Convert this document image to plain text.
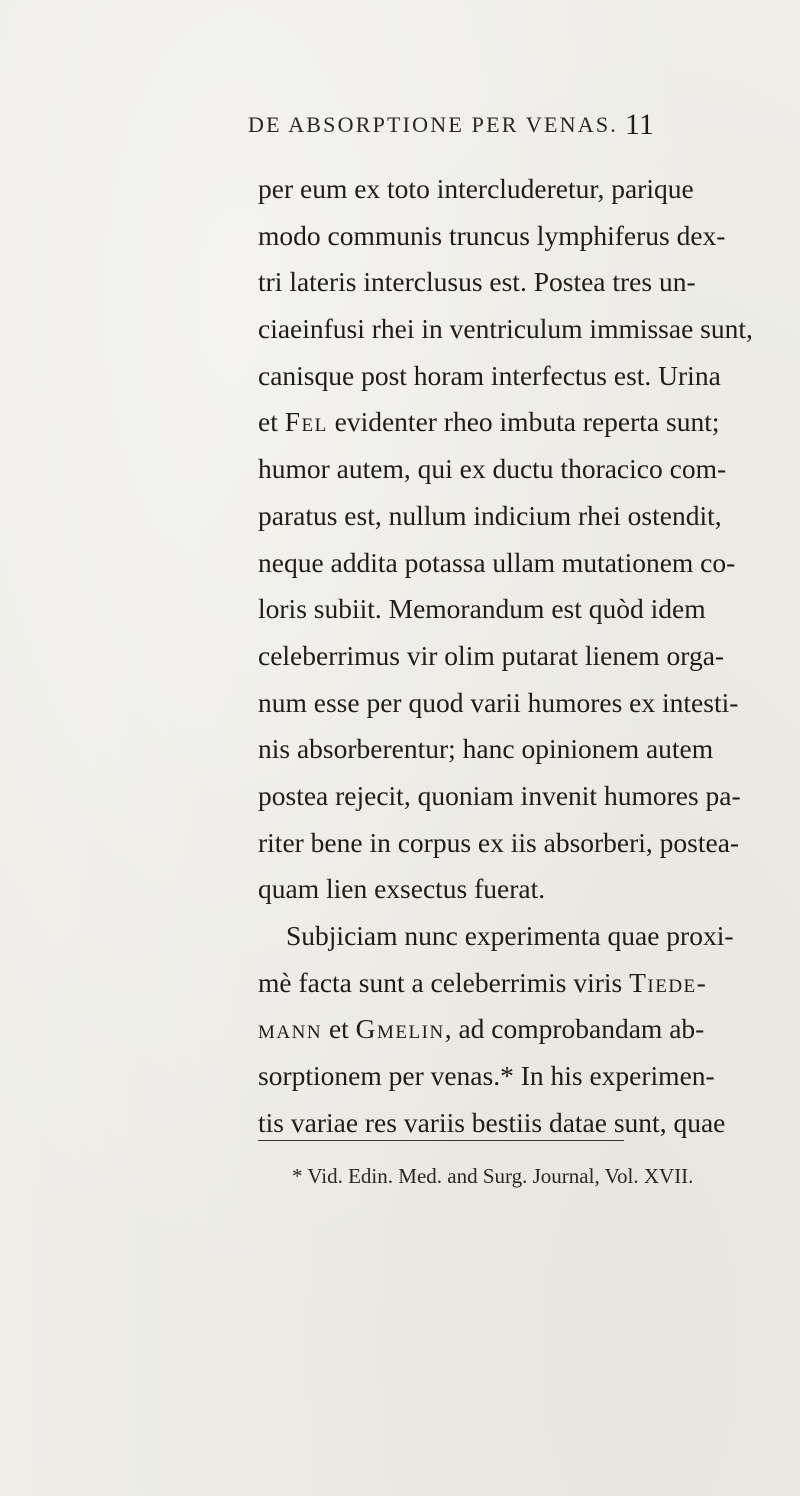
DE ABSORPTIONE PER VENAS. 11
per eum ex toto intercluderetur, parique
modo communis truncus lymphiferus dex-
tri lateris interclusus est. Postea tres un-
ciaeinfusi rhei in ventriculum immissae sunt,
canisque post horam interfectus est. Urina
et Fel evidenter rheo imbuta reperta sunt;
humor autem, qui ex ductu thoracico com-
paratus est, nullum indicium rhei ostendit,
neque addita potassa ullam mutationem co-
loris subiit. Memorandum est quòd idem
celeberrimus vir olim putarat lienem orga-
num esse per quod varii humores ex intesti-
nis absorberentur; hanc opinionem autem
postea rejecit, quoniam invenit humores pa-
riter bene in corpus ex iis absorberi, postea-
quam lien exsectus fuerat.
Subjiciam nunc experimenta quae proxi-
mè facta sunt a celeberrimis viris Tiede-
mann et Gmelin, ad comprobandam ab-
sorptionem per venas.* In his experimen-
tis variae res variis bestiis datae sunt, quae
* Vid. Edin. Med. and Surg. Journal, Vol. XVII.
